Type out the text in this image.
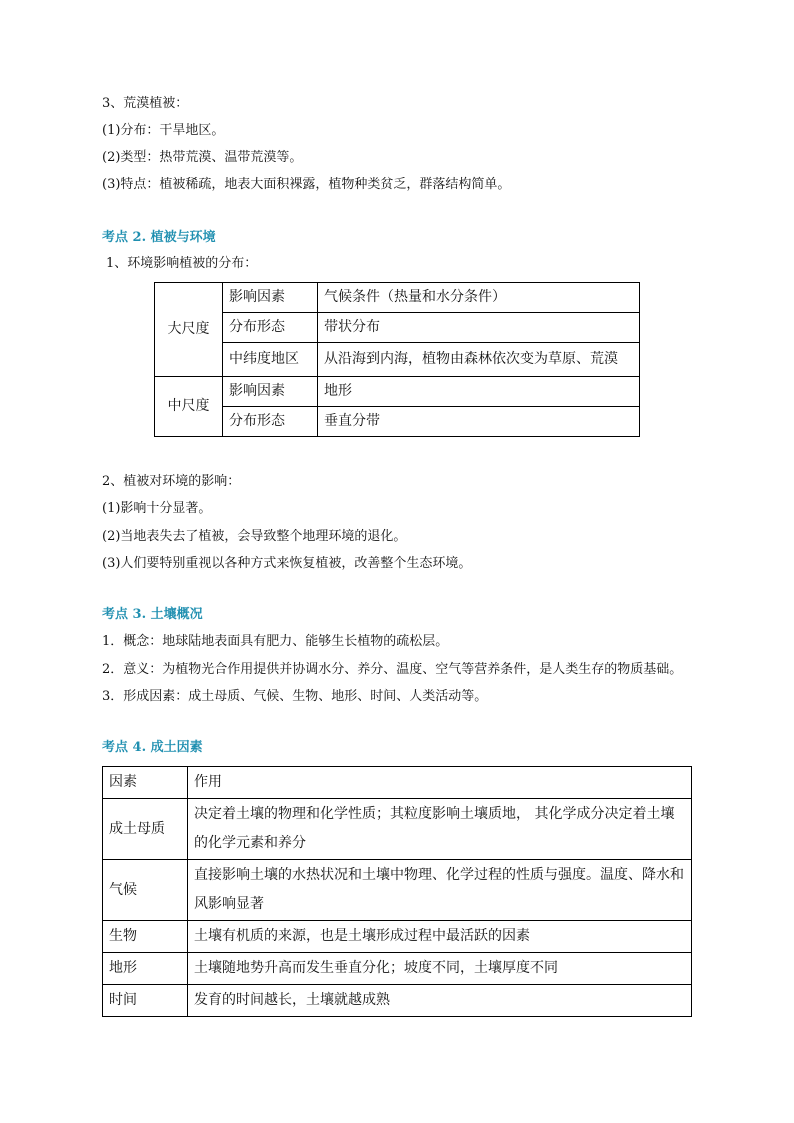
3、荒漠植被：
(1)分布：干旱地区。
(2)类型：热带荒漠、温带荒漠等。
(3)特点：植被稀疏，地表大面积裸露，植物种类贫乏，群落结构简单。
考点 2. 植被与环境
1、环境影响植被的分布：
大尺度	影响因素	气候条件（热量和水分条件）
	分布形态	带状分布
	中纬度地区	从沿海到内海，植物由森林依次变为草原、荒漠
中尺度	影响因素	地形
	分布形态	垂直分带
2、植被对环境的影响：
(1)影响十分显著。
(2)当地表失去了植被，会导致整个地理环境的退化。
(3)人们要特别重视以各种方式来恢复植被，改善整个生态环境。
考点 3. 土壤概况
1．概念：地球陆地表面具有肥力、能够生长植物的疏松层。
2．意义：为植物光合作用提供并协调水分、养分、温度、空气等营养条件，是人类生存的物质基础。
3．形成因素：成土母质、气候、生物、地形、时间、人类活动等。
考点 4. 成土因素
因素	作用
成土母质	决定着土壤的物理和化学性质；其粒度影响土壤质地， 其化学成分决定着土壤的化学元素和养分
气候	直接影响土壤的水热状况和土壤中物理、化学过程的性质与强度。温度、降水和风影响显著
生物	土壤有机质的来源，也是土壤形成过程中最活跃的因素
地形	土壤随地势升高而发生垂直分化；坡度不同，土壤厚度不同
时间	发育的时间越长，土壤就越成熟
